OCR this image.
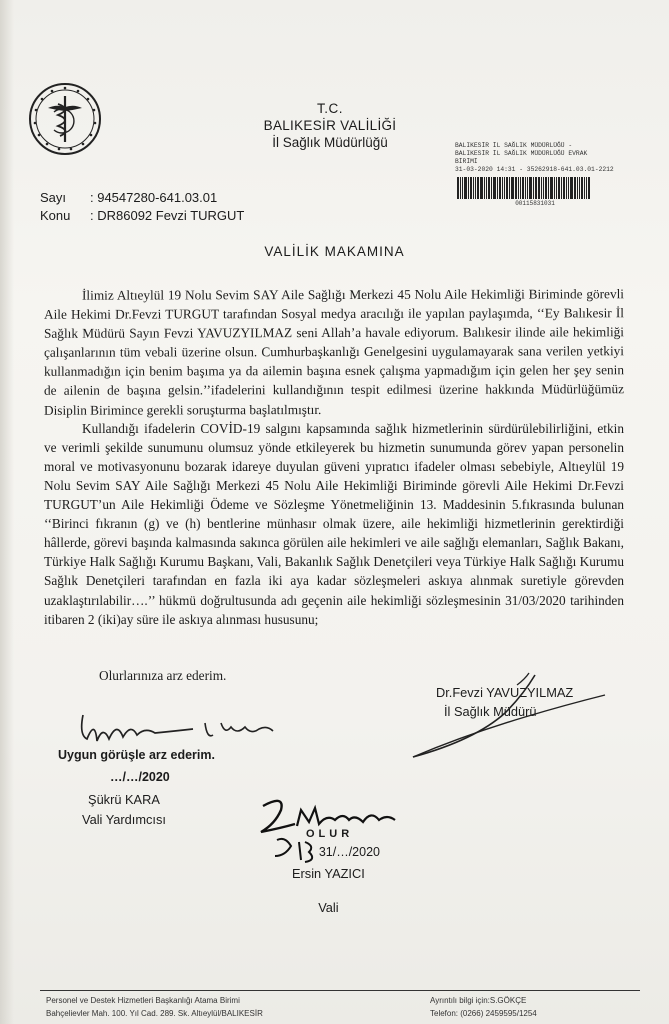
T.C.
BALIKESİR VALİLİĞİ
İl Sağlık Müdürlüğü	BALIKESİR İL SAĞLIK MÜDÜRLÜĞÜ -
BALIKESİR İL SAĞLIK MÜDÜRLÜĞÜ EVRAK
BİRİMİ
31-03-2020 14:31 - 35262918-641.03.01-2212
00115831031
Sayı	: 94547280-641.03.01
Konu	: DR86092 Fevzi TURGUT
VALİLİK MAKAMINA

İlimiz Altıeylül 19 Nolu Sevim SAY Aile Sağlığı Merkezi 45 Nolu Aile Hekimliği Biriminde görevli Aile Hekimi Dr.Fevzi TURGUT tarafından Sosyal medya aracılığı ile yapılan paylaşımda, ‘‘Ey Balıkesir İl Sağlık Müdürü Sayın Fevzi YAVUZYILMAZ seni Allah’a havale ediyorum. Balıkesir ilinde aile hekimliği çalışanlarının tüm vebali üzerine olsun. Cumhurbaşkanlığı Genelgesini uygulamayarak sana verilen yetkiyi kullanmadığın için benim başıma ya da ailemin başına esnek çalışma yapmadığım için gelen her şey senin de ailenin de başına gelsin.’’ifadelerini kullandığının tespit edilmesi üzerine hakkında Müdürlüğümüz Disiplin Birimince gerekli soruşturma başlatılmıştır.

Kullandığı ifadelerin COVİD-19 salgını kapsamında sağlık hizmetlerinin sürdürülebilirliğini, etkin ve verimli şekilde sunumunu olumsuz yönde etkileyerek bu hizmetin sunumunda görev yapan personelin moral ve motivasyonunu bozarak idareye duyulan güveni yıpratıcı ifadeler olması sebebiyle, Altıeylül 19 Nolu Sevim SAY Aile Sağlığı Merkezi 45 Nolu Aile Hekimliği Biriminde görevli Aile Hekimi Dr.Fevzi TURGUT’un Aile Hekimliği Ödeme ve Sözleşme Yönetmeliğinin 13. Maddesinin 5.fıkrasında bulunan ‘‘Birinci fıkranın (g) ve (h) bentlerine münhasır olmak üzere, aile hekimliği hizmetlerinin gerektirdiği hâllerde, görevi başında kalmasında sakınca görülen aile hekimleri ve aile sağlığı elemanları, Sağlık Bakanı, Türkiye Halk Sağlığı Kurumu Başkanı, Vali, Bakanlık Sağlık Denetçileri veya Türkiye Halk Sağlığı Kurumu Sağlık Denetçileri tarafından en fazla iki aya kadar sözleşmeleri askıya alınmak suretiyle görevden uzaklaştırılabilir….’’ hükmü doğrultusunda adı geçenin aile hekimliği sözleşmesinin 31/03/2020 tarihinden itibaren 2 (iki)ay süre ile askıya alınması hususunu;

Olurlarınıza arz ederim.
Dr.Fevzi YAVUZYILMAZ
İl Sağlık Müdürü
Uygun görüşle arz ederim.
…/…/2020
Şükrü KARA
Vali Yardımcısı
OLUR
31/…/2020
Ersin YAZICI
Vali
Personel ve Destek Hizmetleri Başkanlığı Atama Birimi
Bahçelievler Mah. 100. Yıl Cad. 289. Sk. Altıeylül/BALIKESİR
Ayrıntılı bilgi için:S.GÖKÇE
Telefon: (0266) 2459595/1254
